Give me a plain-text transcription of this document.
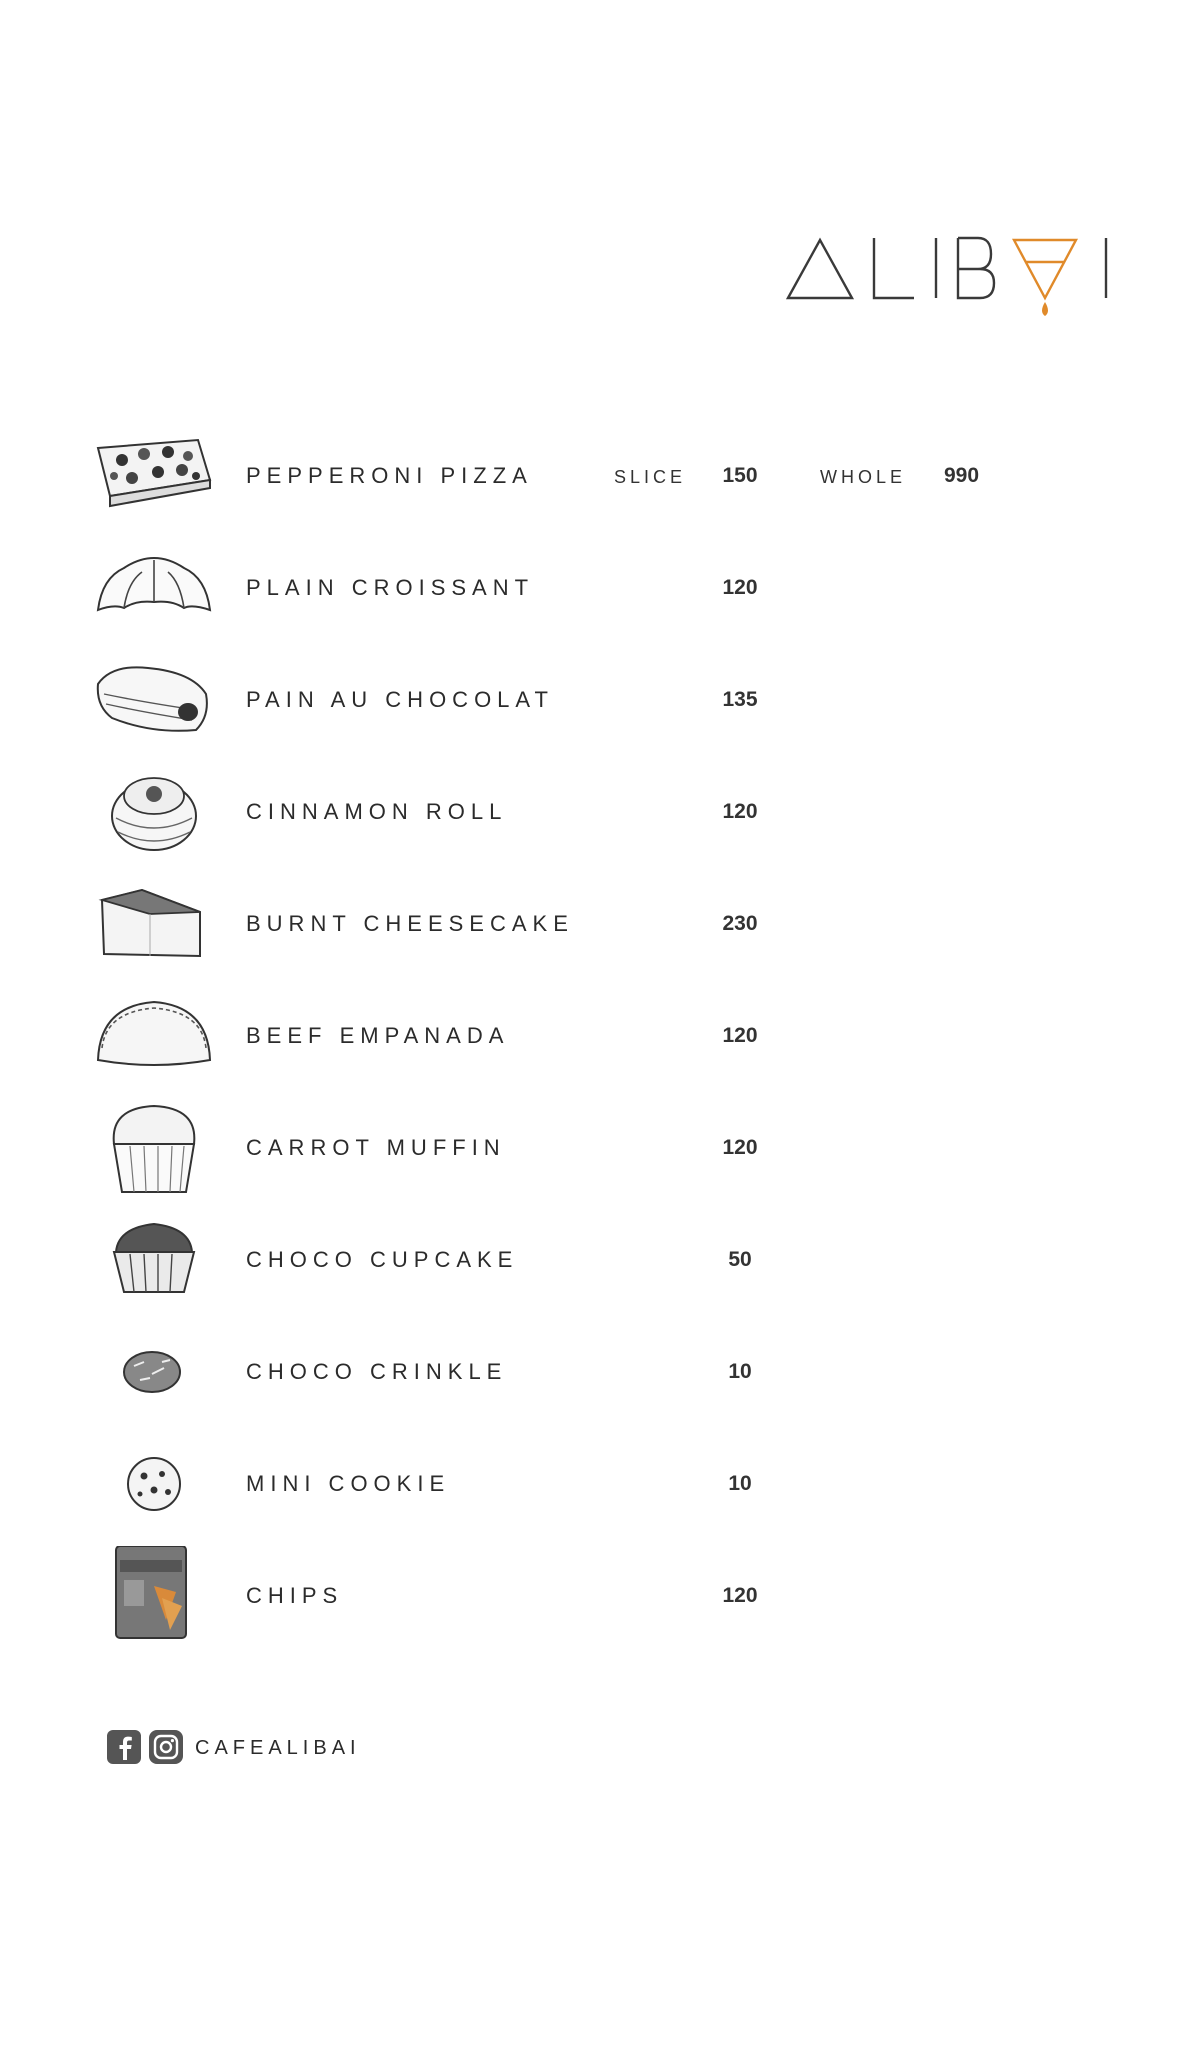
PEPPERONI PIZZA	SLICE	150	WHOLE 990
PLAIN CROISSANT	120
PAIN AU CHOCOLAT	135
CINNAMON ROLL	120
BURNT CHEESECAKE	230
BEEF EMPANADA	120
CARROT MUFFIN	120
CHOCO CUPCAKE	50
CHOCO CRINKLE	10
MINI COOKIE	10
CHIPS	120
CAFEALIBAI
